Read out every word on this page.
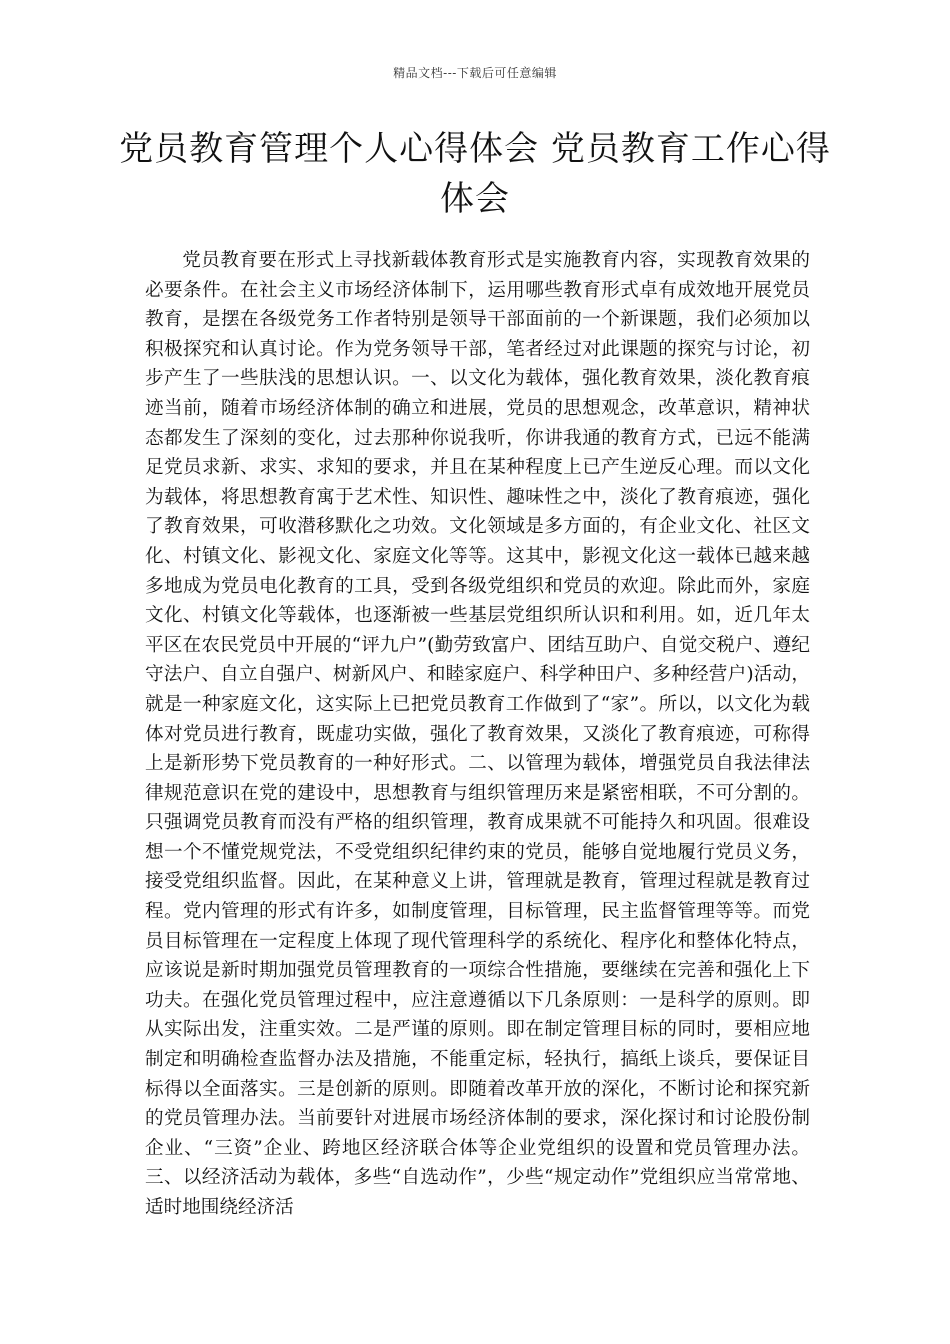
精品文档---下载后可任意编辑
党员教育管理个人心得体会 党员教育工作心得体会

党员教育要在形式上寻找新载体教育形式是实施教育内容，实现教育效果的必要条件。在社会主义市场经济体制下，运用哪些教育形式卓有成效地开展党员教育，是摆在各级党务工作者特别是领导干部面前的一个新课题，我们必须加以积极探究和认真讨论。作为党务领导干部，笔者经过对此课题的探究与讨论，初步产生了一些肤浅的思想认识。一、以文化为载体，强化教育效果，淡化教育痕迹当前，随着市场经济体制的确立和进展，党员的思想观念，改革意识，精神状态都发生了深刻的变化，过去那种你说我听，你讲我通的教育方式，已远不能满足党员求新、求实、求知的要求，并且在某种程度上已产生逆反心理。而以文化为载体，将思想教育寓于艺术性、知识性、趣味性之中，淡化了教育痕迹，强化了教育效果，可收潜移默化之功效。文化领域是多方面的，有企业文化、社区文化、村镇文化、影视文化、家庭文化等等。这其中，影视文化这一载体已越来越多地成为党员电化教育的工具，受到各级党组织和党员的欢迎。除此而外，家庭文化、村镇文化等载体，也逐渐被一些基层党组织所认识和利用。如，近几年太平区在农民党员中开展的“评九户”(勤劳致富户、团结互助户、自觉交税户、遵纪守法户、自立自强户、树新风户、和睦家庭户、科学种田户、多种经营户)活动，就是一种家庭文化，这实际上已把党员教育工作做到了“家”。所以，以文化为载体对党员进行教育，既虚功实做，强化了教育效果，又淡化了教育痕迹，可称得上是新形势下党员教育的一种好形式。二、以管理为载体，增强党员自我法律法律规范意识在党的建设中，思想教育与组织管理历来是紧密相联，不可分割的。只强调党员教育而没有严格的组织管理，教育成果就不可能持久和巩固。很难设想一个不懂党规党法，不受党组织纪律约束的党员，能够自觉地履行党员义务，接受党组织监督。因此，在某种意义上讲，管理就是教育，管理过程就是教育过程。党内管理的形式有许多，如制度管理，目标管理，民主监督管理等等。而党员目标管理在一定程度上体现了现代管理科学的系统化、程序化和整体化特点，应该说是新时期加强党员管理教育的一项综合性措施，要继续在完善和强化上下功夫。在强化党员管理过程中，应注意遵循以下几条原则：一是科学的原则。即从实际出发，注重实效。二是严谨的原则。即在制定管理目标的同时，要相应地制定和明确检查监督办法及措施，不能重定标，轻执行，搞纸上谈兵，要保证目标得以全面落实。三是创新的原则。即随着改革开放的深化，不断讨论和探究新的党员管理办法。当前要针对进展市场经济体制的要求，深化探讨和讨论股份制企业、“三资”企业、跨地区经济联合体等企业党组织的设置和党员管理办法。三、以经济活动为载体，多些“自选动作”，少些“规定动作”党组织应当常常地、适时地围绕经济活
